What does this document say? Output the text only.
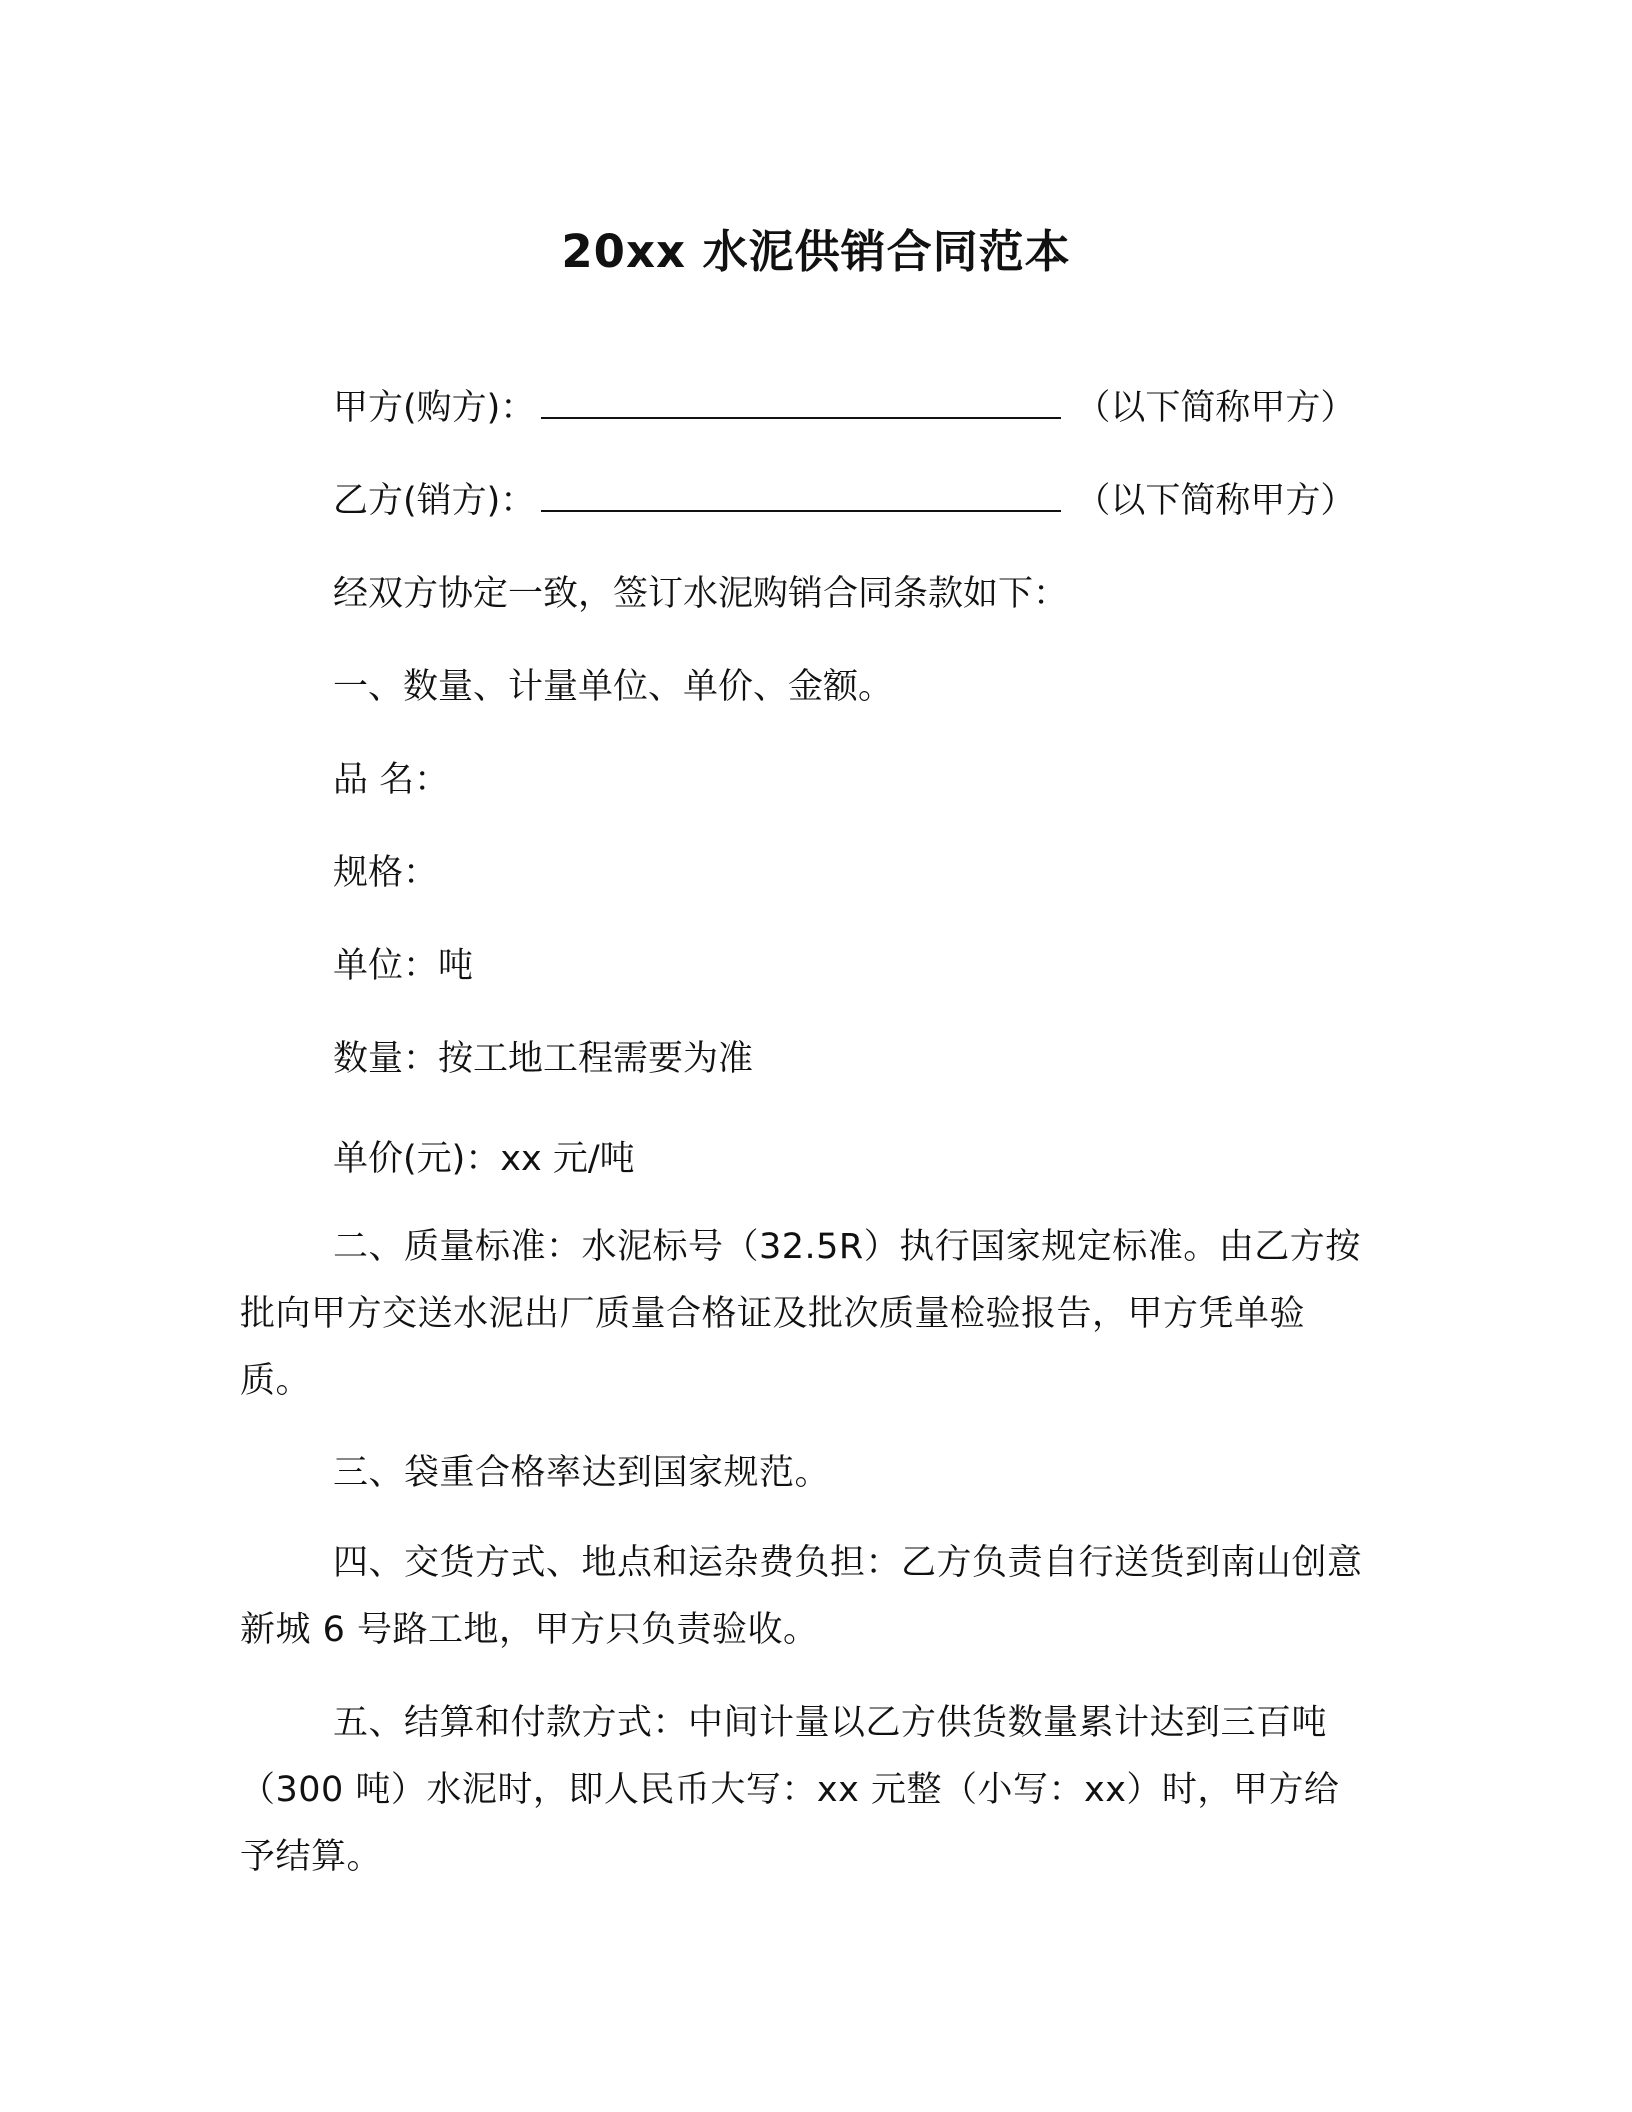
20xx 水泥供销合同范本
甲方(购方)：	（以下简称甲方）
乙方(销方)：	（以下简称甲方）
经双方协定一致，签订水泥购销合同条款如下：
一、数量、计量单位、单价、金额。
品 名：
规格：
单位：吨
数量：按工地工程需要为准
单价(元)：xx 元/吨
二、质量标准：水泥标号（32.5R）执行国家规定标准。由乙方按批向甲方交送水泥出厂质量合格证及批次质量检验报告，甲方凭单验质。
三、袋重合格率达到国家规范。
四、交货方式、地点和运杂费负担：乙方负责自行送货到南山创意新城 6 号路工地，甲方只负责验收。
五、结算和付款方式：中间计量以乙方供货数量累计达到三百吨（300 吨）水泥时，即人民币大写：xx 元整（小写：xx）时，甲方给予结算。
